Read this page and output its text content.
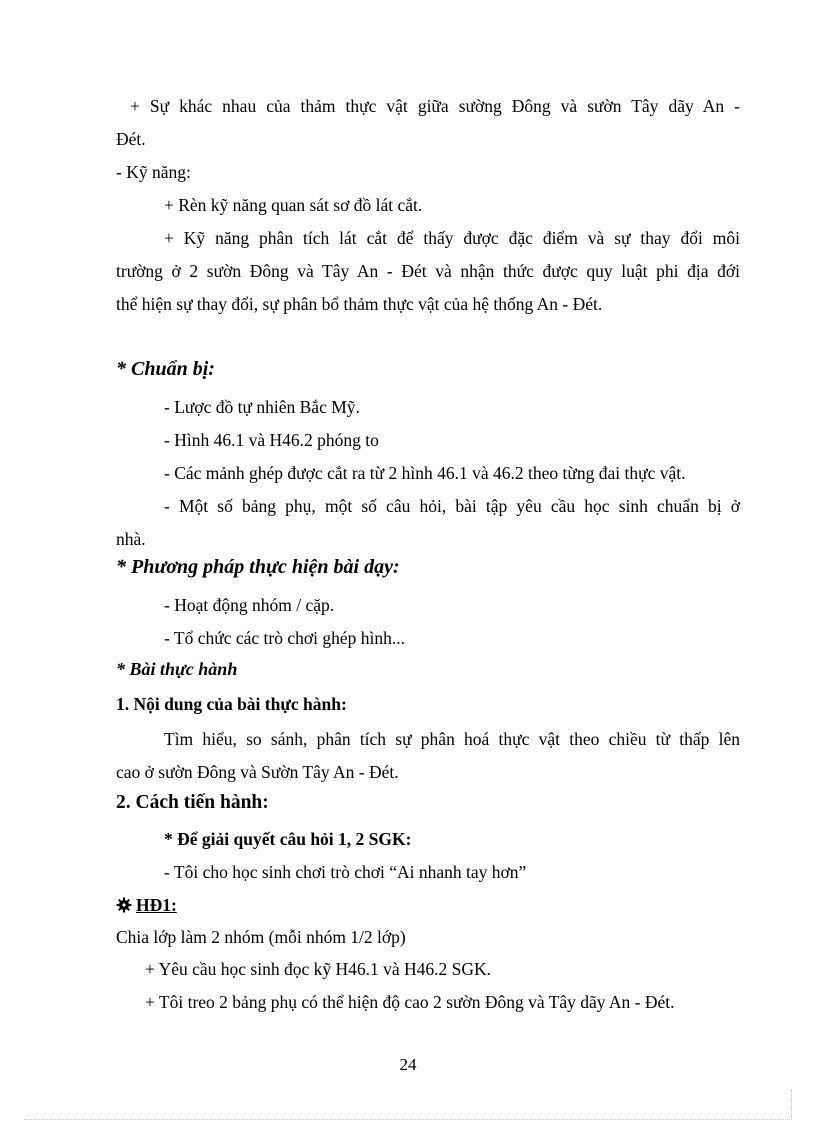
+ Sự khác nhau của thảm thực vật giữa sường Đông và sườn Tây dãy An -
Đét.
- Kỹ năng:
+ Rèn kỹ năng quan sát sơ đồ lát cắt.
+ Kỹ năng phân tích lát cắt để thấy được đặc điểm và sự thay đổi môi
trường ở 2 sườn Đông và Tây An - Đét và nhận thức được quy luật phi địa đới
thể hiện sự thay đổi, sự phân bổ thảm thực vật của hệ thống An - Đét.
* Chuẩn bị:
- Lược đồ tự nhiên Bắc Mỹ.
- Hình 46.1 và H46.2 phóng to
- Các mảnh ghép được cắt ra từ 2 hình 46.1 và 46.2 theo từng đai thực vật.
- Một số bảng phụ, một số câu hỏi, bài tập yêu cầu học sinh chuẩn bị ở
nhà.
* Phương pháp thực hiện bài dạy:
- Hoạt động nhóm / cặp.
- Tổ chức các trò chơi ghép hình...
* Bài thực hành
1. Nội dung của bài thực hành:
Tìm hiểu, so sánh, phân tích sự phân hoá thực vật theo chiều từ thấp lên
cao ở sườn Đông và Sườn Tây An - Đét.
2. Cách tiến hành:
* Để giải quyết câu hỏi 1, 2 SGK:
- Tôi cho học sinh chơi trò chơi “Ai nhanh tay hơn”
HĐ1:
Chia lớp làm 2 nhóm (mỗi nhóm 1/2 lớp)
+ Yêu cầu học sinh đọc kỹ H46.1 và H46.2 SGK.
+ Tôi treo 2 bảng phụ có thể hiện độ cao 2 sườn Đông và Tây dãy An - Đét.
24
